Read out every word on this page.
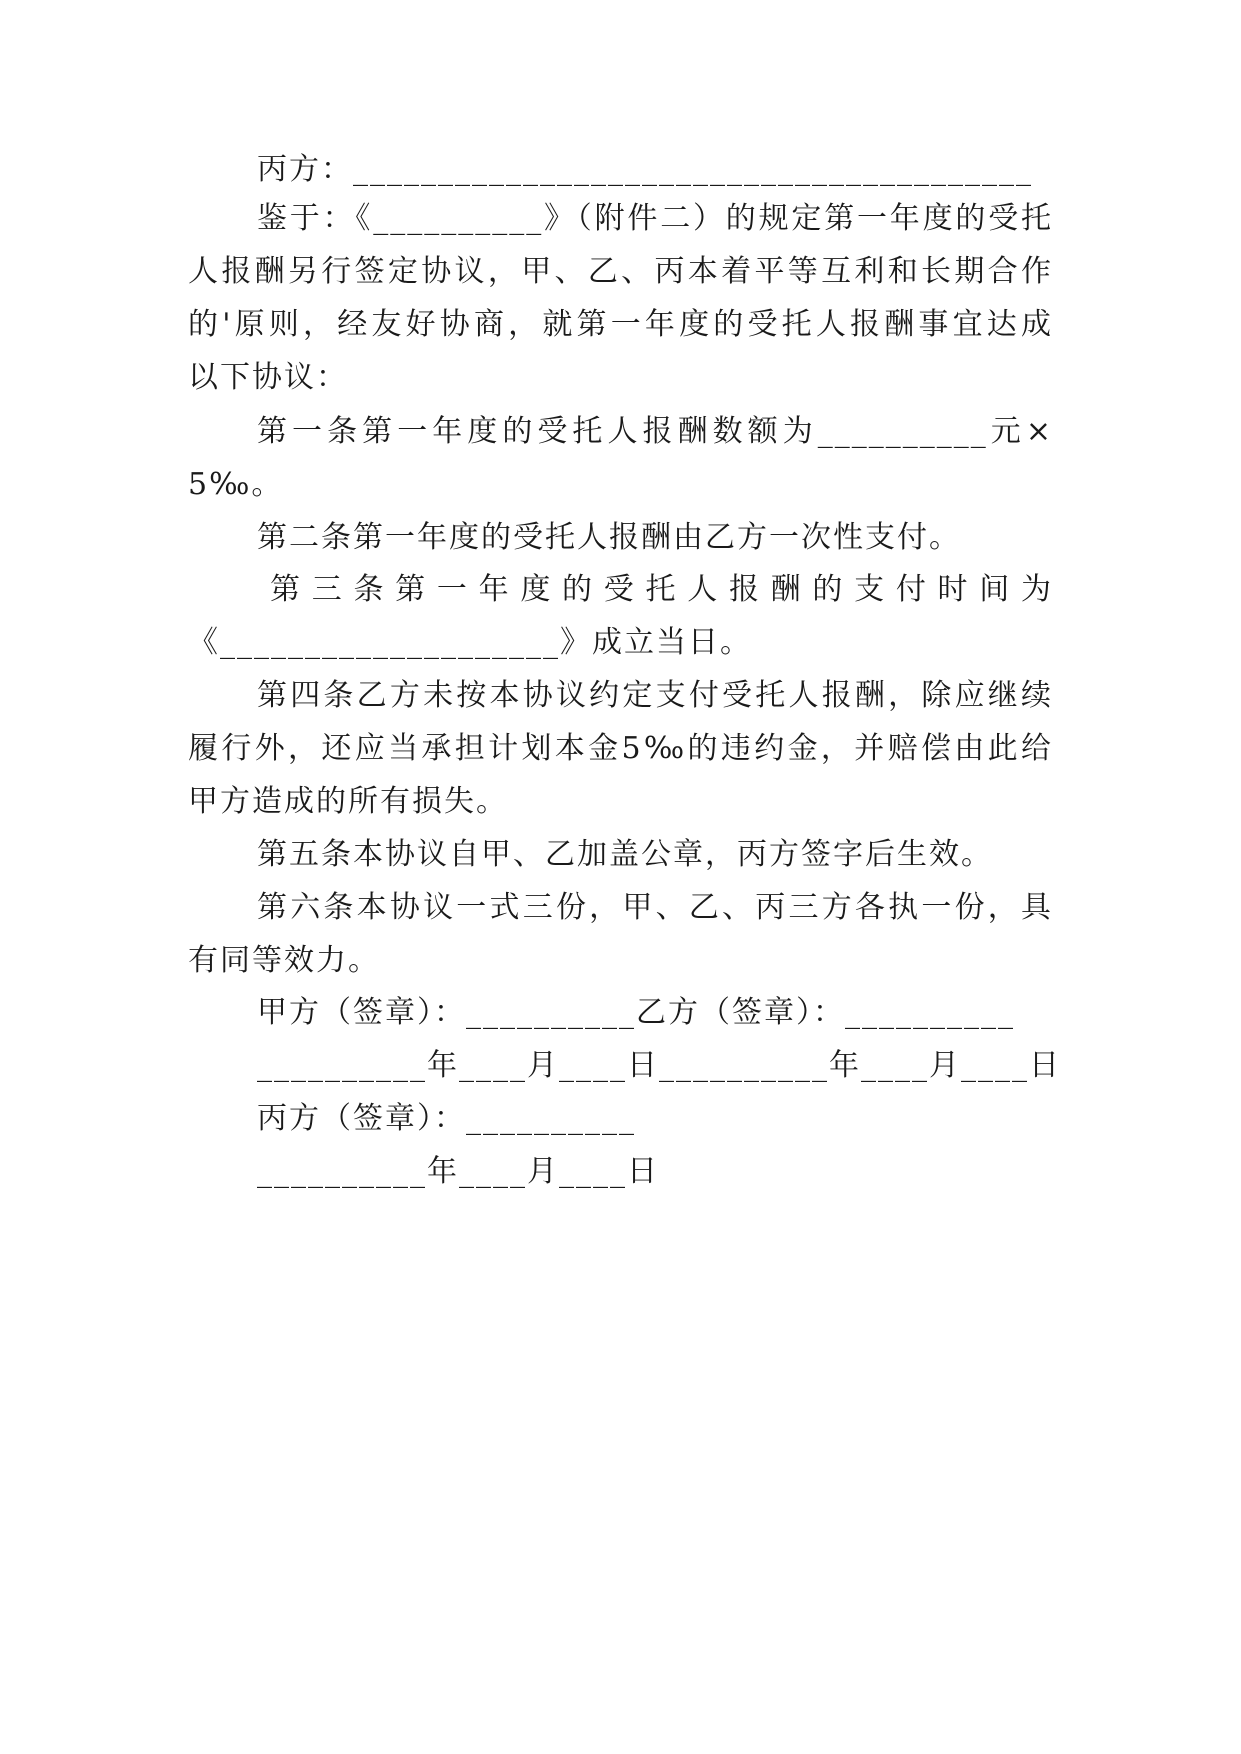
丙方：________________________________________
鉴于：《__________》（附件二）的规定第一年度的受托
人报酬另行签定协议，甲、乙、丙本着平等互利和长期合作
的'原则，经友好协商，就第一年度的受托人报酬事宜达成
以下协议：
第一条第一年度的受托人报酬数额为__________元×
5‰。
第二条第一年度的受托人报酬由乙方一次性支付。
第三条第一年度的受托人报酬的支付时间为
《____________________》成立当日。
第四条乙方未按本协议约定支付受托人报酬，除应继续
履行外，还应当承担计划本金5‰的违约金，并赔偿由此给
甲方造成的所有损失。
第五条本协议自甲、乙加盖公章，丙方签字后生效。
第六条本协议一式三份，甲、乙、丙三方各执一份，具
有同等效力。
甲方（签章）：__________乙方（签章）：__________
__________年____月____日__________年____月____日
丙方（签章）：__________
__________年____月____日
